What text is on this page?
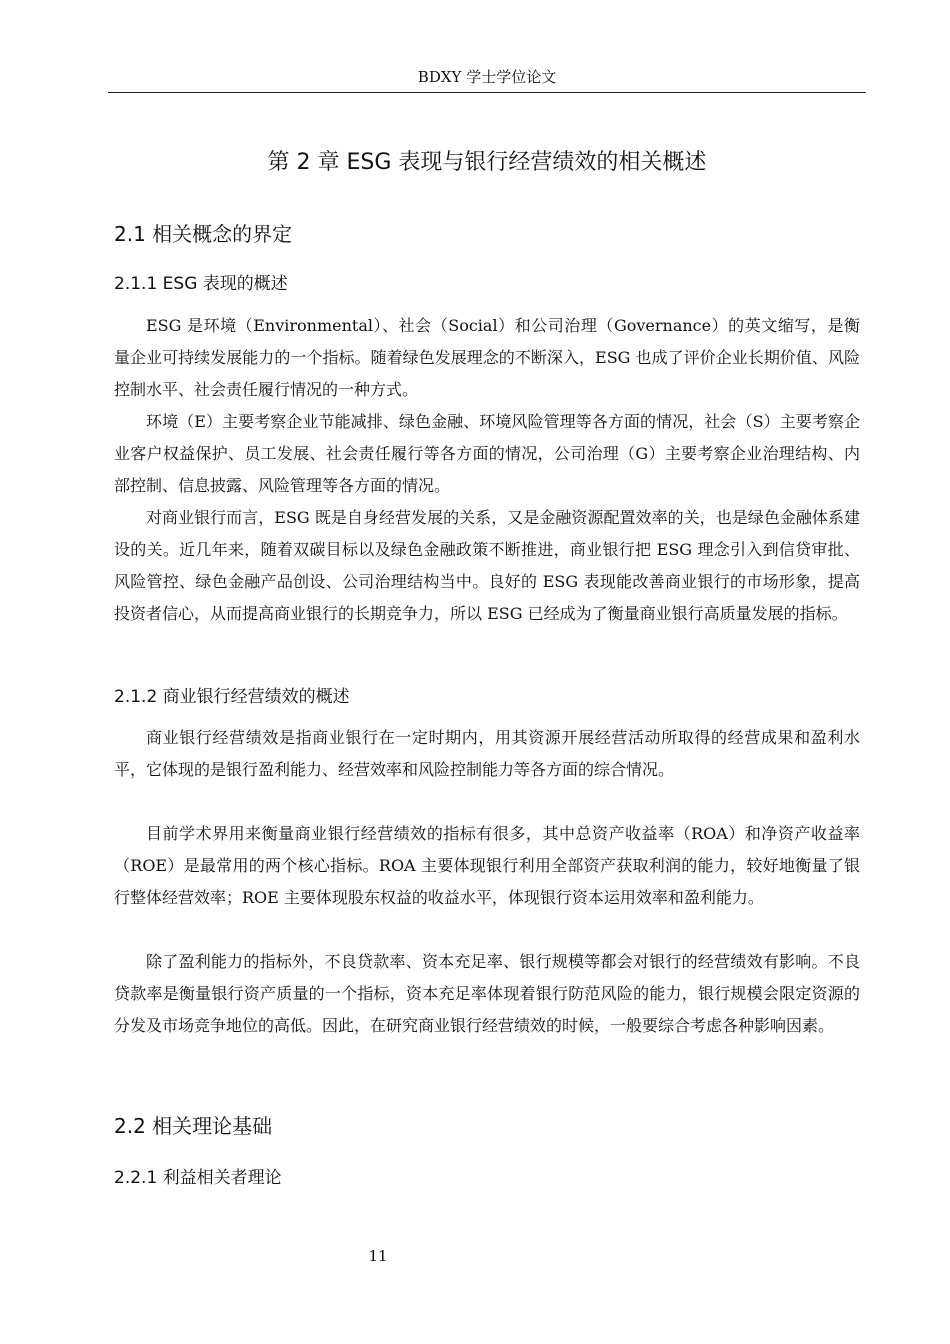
BDXY 学士学位论文
第 2 章 ESG 表现与银行经营绩效的相关概述
2.1 相关概念的界定
2.1.1 ESG 表现的概述

ESG 是环境（Environmental）、社会（Social）和公司治理（Governance）的英文缩写，是衡量企业可持续发展能力的一个指标。随着绿色发展理念的不断深入，ESG 也成了评价企业长期价值、风险控制水平、社会责任履行情况的一种方式。

环境（E）主要考察企业节能减排、绿色金融、环境风险管理等各方面的情况，社会（S）主要考察企业客户权益保护、员工发展、社会责任履行等各方面的情况，公司治理（G）主要考察企业治理结构、内部控制、信息披露、风险管理等各方面的情况。

对商业银行而言，ESG 既是自身经营发展的关系，又是金融资源配置效率的关，也是绿色金融体系建设的关。近几年来，随着双碳目标以及绿色金融政策不断推进，商业银行把 ESG 理念引入到信贷审批、风险管控、绿色金融产品创设、公司治理结构当中。良好的 ESG 表现能改善商业银行的市场形象，提高投资者信心，从而提高商业银行的长期竞争力，所以 ESG 已经成为了衡量商业银行高质量发展的指标。

2.1.2 商业银行经营绩效的概述

商业银行经营绩效是指商业银行在一定时期内，用其资源开展经营活动所取得的经营成果和盈利水平，它体现的是银行盈利能力、经营效率和风险控制能力等各方面的综合情况。

目前学术界用来衡量商业银行经营绩效的指标有很多，其中总资产收益率（ROA）和净资产收益率（ROE）是最常用的两个核心指标。ROA 主要体现银行利用全部资产获取利润的能力，较好地衡量了银行整体经营效率；ROE 主要体现股东权益的收益水平，体现银行资本运用效率和盈利能力。

除了盈利能力的指标外，不良贷款率、资本充足率、银行规模等都会对银行的经营绩效有影响。不良贷款率是衡量银行资产质量的一个指标，资本充足率体现着银行防范风险的能力，银行规模会限定资源的分发及市场竞争地位的高低。因此，在研究商业银行经营绩效的时候，一般要综合考虑各种影响因素。

2.2 相关理论基础
2.2.1 利益相关者理论
11
